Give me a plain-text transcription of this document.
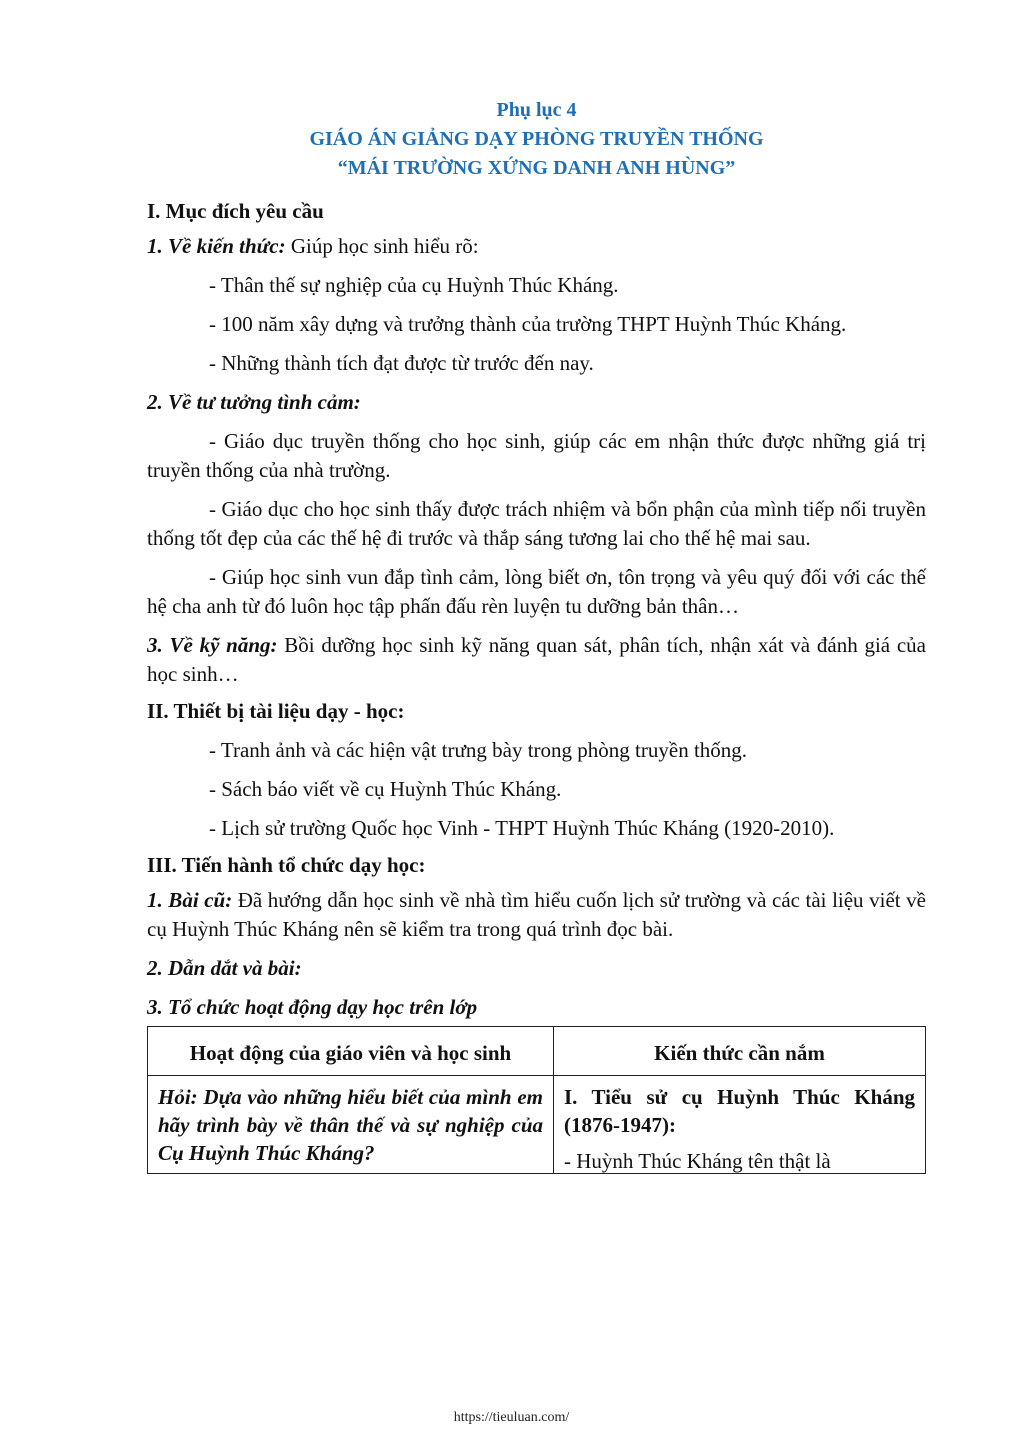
Phụ lục 4
GIÁO ÁN GIẢNG DẠY PHÒNG TRUYỀN THỐNG
“MÁI TRƯỜNG XỨNG DANH ANH HÙNG”
I. Mục đích yêu cầu

1. Về kiến thức: Giúp học sinh hiểu rõ:

- Thân thế sự nghiệp của cụ Huỳnh Thúc Kháng.

- 100 năm xây dựng và trưởng thành của trường THPT Huỳnh Thúc Kháng.

- Những thành tích đạt được từ trước đến nay.

2. Về tư tưởng tình cảm:

- Giáo dục truyền thống cho học sinh, giúp các em nhận thức được những giá trị truyền thống của nhà trường.

- Giáo dục cho học sinh thấy được trách nhiệm và bổn phận của mình tiếp nối truyền thống tốt đẹp của các thế hệ đi trước và thắp sáng tương lai cho thế hệ mai sau.

- Giúp học sinh vun đắp tình cảm, lòng biết ơn, tôn trọng và yêu quý đối với các thế hệ cha anh từ đó luôn học tập phấn đấu rèn luyện tu dưỡng bản thân…

3. Về kỹ năng: Bồi dưỡng học sinh kỹ năng quan sát, phân tích, nhận xát và đánh giá của học sinh…

II. Thiết bị tài liệu dạy - học:

- Tranh ảnh và các hiện vật trưng bày trong phòng truyền thống.

- Sách báo viết về cụ Huỳnh Thúc Kháng.

- Lịch sử trường Quốc học Vinh - THPT Huỳnh Thúc Kháng (1920-2010).

III. Tiến hành tổ chức dạy học:

1. Bài cũ: Đã hướng dẫn học sinh về nhà tìm hiểu cuốn lịch sử trường và các tài liệu viết về cụ Huỳnh Thúc Kháng nên sẽ kiểm tra trong quá trình đọc bài.

2. Dẫn dắt và bài:

3. Tổ chức hoạt động dạy học trên lớp

Hoạt động của giáo viên và học sinh	Kiến thức cần nắm

Hỏi: Dựa vào những hiểu biết của mình em hãy trình bày về thân thế và sự nghiệp của Cụ Huỳnh Thúc Kháng?	I. Tiểu sử cụ Huỳnh Thúc Kháng (1876-1947):
- Huỳnh Thúc Kháng tên thật là
https://tieuluan.com/
